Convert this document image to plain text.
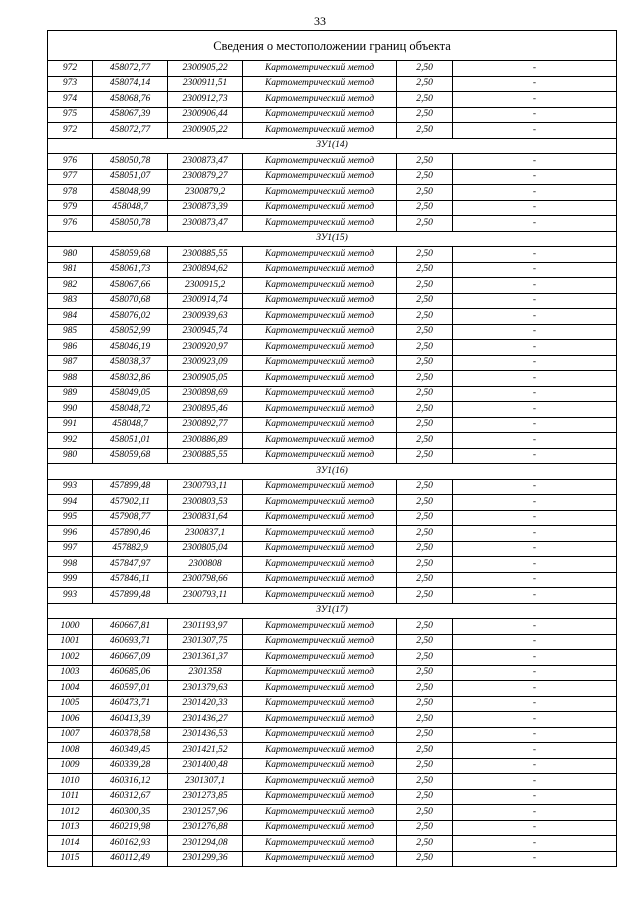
33
Сведения о местоположении границ объекта					
972	458072,77	2300905,22	Картометрический метод	2,50	-
973	458074,14	2300911,51	Картометрический метод	2,50	-
974	458068,76	2300912,73	Картометрический метод	2,50	-
975	458067,39	2300906,44	Картометрический метод	2,50	-
972	458072,77	2300905,22	Картометрический метод	2,50	-
ЗУ1(14)					
976	458050,78	2300873,47	Картометрический метод	2,50	-
977	458051,07	2300879,27	Картометрический метод	2,50	-
978	458048,99	2300879,2	Картометрический метод	2,50	-
979	458048,7	2300873,39	Картометрический метод	2,50	-
976	458050,78	2300873,47	Картометрический метод	2,50	-
ЗУ1(15)					
980	458059,68	2300885,55	Картометрический метод	2,50	-
981	458061,73	2300894,62	Картометрический метод	2,50	-
982	458067,66	2300915,2	Картометрический метод	2,50	-
983	458070,68	2300914,74	Картометрический метод	2,50	-
984	458076,02	2300939,63	Картометрический метод	2,50	-
985	458052,99	2300945,74	Картометрический метод	2,50	-
986	458046,19	2300920,97	Картометрический метод	2,50	-
987	458038,37	2300923,09	Картометрический метод	2,50	-
988	458032,86	2300905,05	Картометрический метод	2,50	-
989	458049,05	2300898,69	Картометрический метод	2,50	-
990	458048,72	2300895,46	Картометрический метод	2,50	-
991	458048,7	2300892,77	Картометрический метод	2,50	-
992	458051,01	2300886,89	Картометрический метод	2,50	-
980	458059,68	2300885,55	Картометрический метод	2,50	-
ЗУ1(16)					
993	457899,48	2300793,11	Картометрический метод	2,50	-
994	457902,11	2300803,53	Картометрический метод	2,50	-
995	457908,77	2300831,64	Картометрический метод	2,50	-
996	457890,46	2300837,1	Картометрический метод	2,50	-
997	457882,9	2300805,04	Картометрический метод	2,50	-
998	457847,97	2300808	Картометрический метод	2,50	-
999	457846,11	2300798,66	Картометрический метод	2,50	-
993	457899,48	2300793,11	Картометрический метод	2,50	-
ЗУ1(17)					
1000	460667,81	2301193,97	Картометрический метод	2,50	-
1001	460693,71	2301307,75	Картометрический метод	2,50	-
1002	460667,09	2301361,37	Картометрический метод	2,50	-
1003	460685,06	2301358	Картометрический метод	2,50	-
1004	460597,01	2301379,63	Картометрический метод	2,50	-
1005	460473,71	2301420,33	Картометрический метод	2,50	-
1006	460413,39	2301436,27	Картометрический метод	2,50	-
1007	460378,58	2301436,53	Картометрический метод	2,50	-
1008	460349,45	2301421,52	Картометрический метод	2,50	-
1009	460339,28	2301400,48	Картометрический метод	2,50	-
1010	460316,12	2301307,1	Картометрический метод	2,50	-
1011	460312,67	2301273,85	Картометрический метод	2,50	-
1012	460300,35	2301257,96	Картометрический метод	2,50	-
1013	460219,98	2301276,88	Картометрический метод	2,50	-
1014	460162,93	2301294,08	Картометрический метод	2,50	-
1015	460112,49	2301299,36	Картометрический метод	2,50	-
